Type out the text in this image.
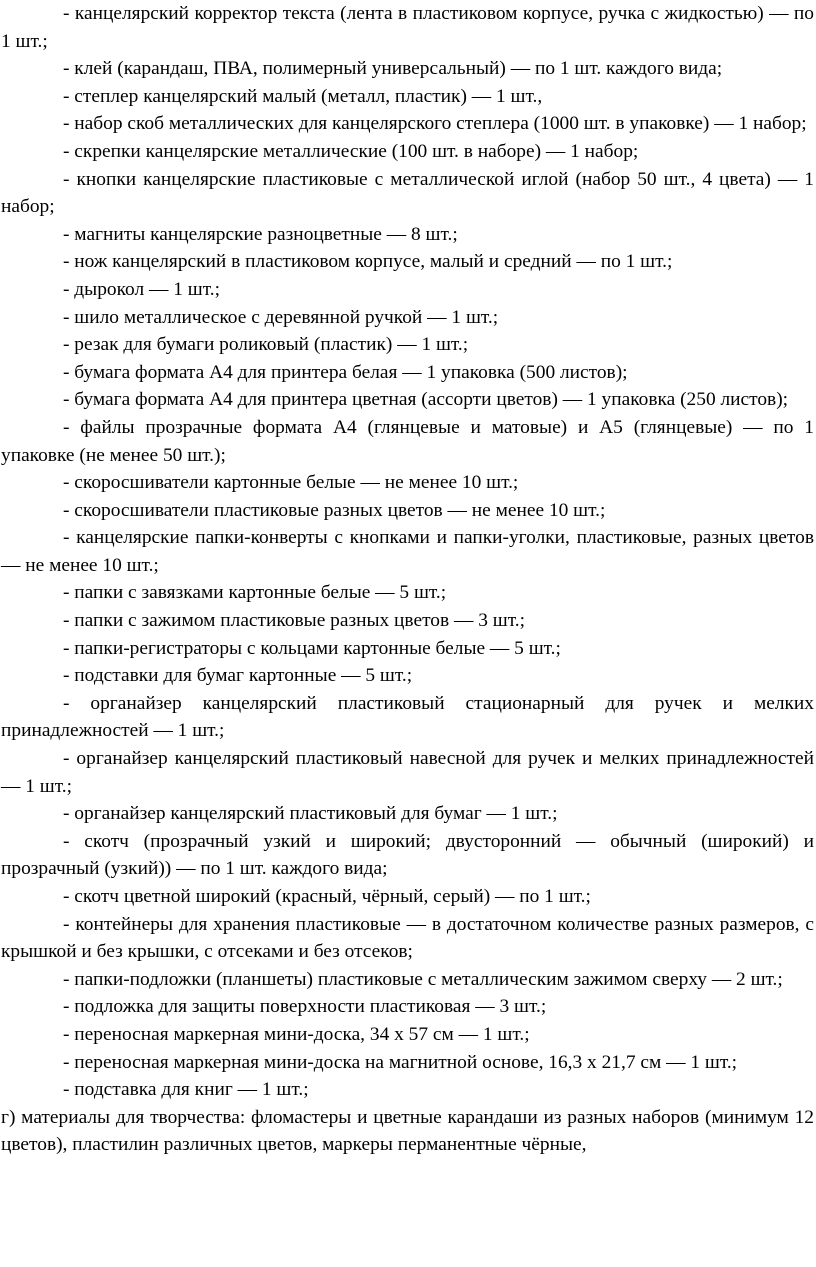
- канцелярский корректор текста (лента в пластиковом корпусе, ручка с жидкостью) — по 1 шт.;

- клей (карандаш, ПВА, полимерный универсальный) — по 1 шт. каждого вида;

- степлер канцелярский малый (металл, пластик) — 1 шт.,

- набор скоб металлических для канцелярского степлера (1000 шт. в упаковке) — 1 набор;

- скрепки канцелярские металлические (100 шт. в наборе) — 1 набор;

- кнопки канцелярские пластиковые с металлической иглой (набор 50 шт., 4 цвета) — 1 набор;

- магниты канцелярские разноцветные — 8 шт.;

- нож канцелярский в пластиковом корпусе, малый и средний — по 1 шт.;

- дырокол — 1 шт.;

- шило металлическое с деревянной ручкой — 1 шт.;

- резак для бумаги роликовый (пластик) — 1 шт.;

- бумага формата А4 для принтера белая — 1 упаковка (500 листов);

- бумага формата А4 для принтера цветная (ассорти цветов) — 1 упаковка (250 листов);

- файлы прозрачные формата А4 (глянцевые и матовые) и А5 (глянцевые) — по 1 упаковке (не менее 50 шт.);

- скоросшиватели картонные белые — не менее 10 шт.;

- скоросшиватели пластиковые разных цветов — не менее 10 шт.;

- канцелярские папки-конверты с кнопками и папки-уголки, пластиковые, разных цветов — не менее 10 шт.;

- папки с завязками картонные белые — 5 шт.;

- папки с зажимом пластиковые разных цветов — 3 шт.;

- папки-регистраторы с кольцами картонные белые — 5 шт.;

- подставки для бумаг картонные — 5 шт.;

- органайзер канцелярский пластиковый стационарный для ручек и мелких принадлежностей — 1 шт.;

- органайзер канцелярский пластиковый навесной для ручек и мелких принадлежностей — 1 шт.;

- органайзер канцелярский пластиковый для бумаг — 1 шт.;

- скотч (прозрачный узкий и широкий; двусторонний — обычный (широкий) и прозрачный (узкий)) — по 1 шт. каждого вида;

- скотч цветной широкий (красный, чёрный, серый) — по 1 шт.;

- контейнеры для хранения пластиковые — в достаточном количестве разных размеров, с крышкой и без крышки, с отсеками и без отсеков;

- папки-подложки (планшеты) пластиковые с металлическим зажимом сверху — 2 шт.;

- подложка для защиты поверхности пластиковая — 3 шт.;

- переносная маркерная мини-доска, 34 х 57 см — 1 шт.;

- переносная маркерная мини-доска на магнитной основе, 16,3 х 21,7 см — 1 шт.;

- подставка для книг — 1 шт.;

г) материалы для творчества: фломастеры и цветные карандаши из разных наборов (минимум 12 цветов), пластилин различных цветов, маркеры перманентные чёрные,
